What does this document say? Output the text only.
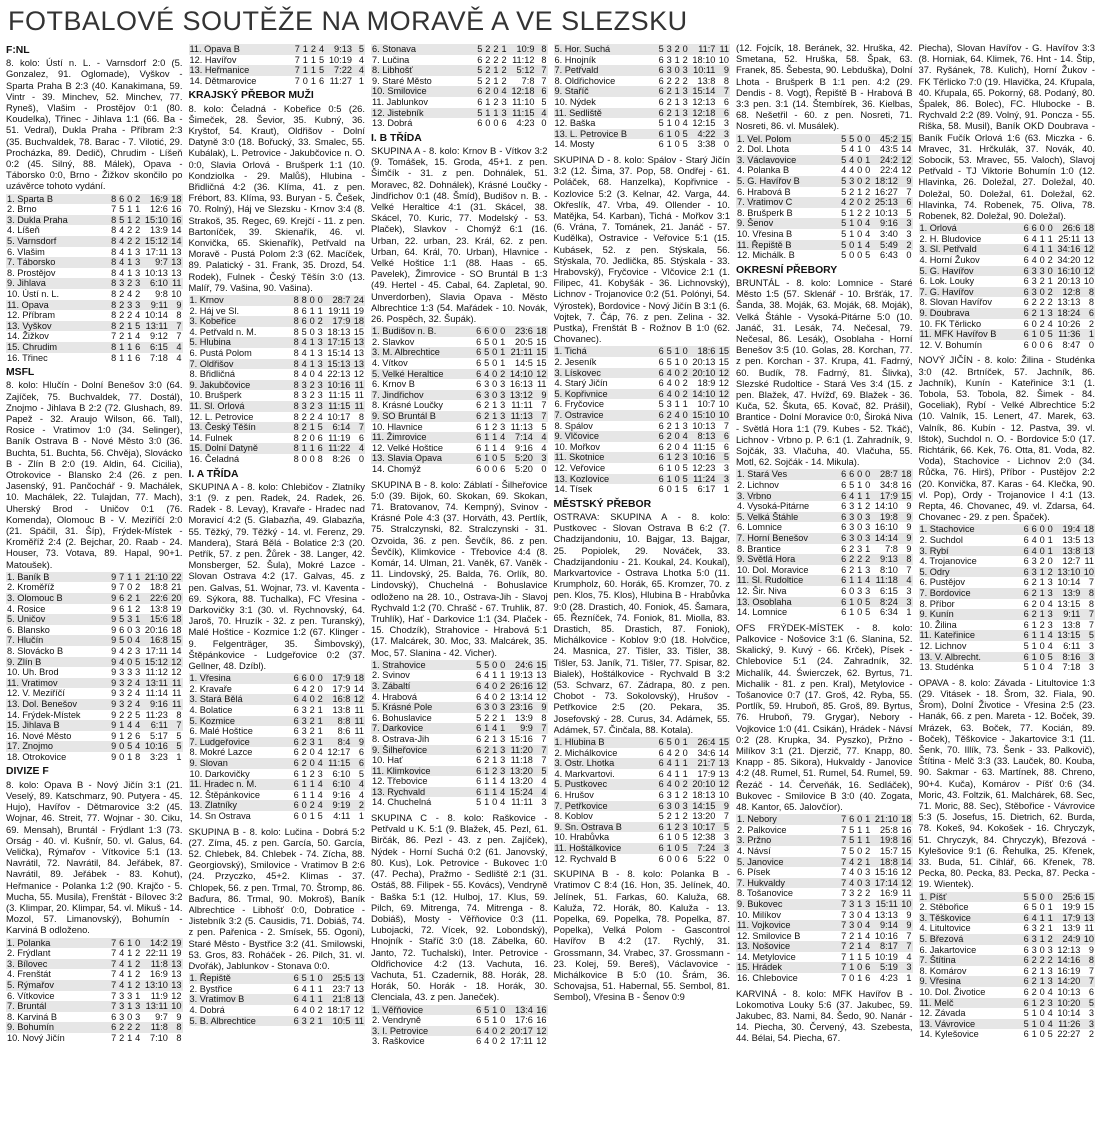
FOTBALOVÉ SOUTĚŽE NA MORAVĚ A VE SLEZSKU
F:NL

8. kolo: Ústí n. L. - Varnsdorf 2:0 (5. Gonzalez, 91. Oglomade), Vyškov - Sparta Praha B 2:3 (40. Kanakimana, 59. Vintr - 39. Minchev, 52. Minchev, 77. Ryneš), Vlašim - Prostějov 0:1 (80. Koudelka), Třinec - Jihlava 1:1 (66. Ba - 51. Vedral), Dukla Praha - Příbram 2:3 (35. Buchvaldek, 78. Barac - 7. Vilotić, 29. Procházka, 89. Dedič), Chrudim - Líšeň 0:2 (45. Silný, 88. Málek), Opava - Táborsko 0:0, Brno - Žižkov skončilo po uzávěrce tohoto vydání.

1. Sparta B	8	6	0	2	16:9	18
2. Brno	7	5	1	1	12:6	16
3. Dukla Praha	8	5	1	2	15:10	16
4. Líšeň	8	4	2	2	13:9	14
5. Varnsdorf	8	4	2	2	15:12	14
6. Vlašim	8	4	1	3	17:11	13
7. Táborsko	8	4	1	3	9:7	13
8. Prostějov	8	4	1	3	10:13	13
9. Jihlava	8	3	2	3	6:10	11
10. Ústí n. L.	8	2	4	2	9:8	10
11. Opava	8	2	3	3	9:11	9
12. Příbram	8	2	2	4	10:14	8
13. Vyškov	8	2	1	5	13:11	7
14. Žižkov	7	2	1	4	9:12	7
15. Chrudim	8	1	1	6	6:15	4
16. Třinec	8	1	1	6	7:18	4
MSFL

8. kolo: Hlučín - Dolní Benešov 3:0 (64. Zajíček, 75. Buchvaldek, 77. Dostál), Znojmo - Jihlava B 2:2 (72. Glushach, 89. Papež - 32. Araujo Wilson, 66. Tall), Rosice - Vratimov 1:0 (34. Selinger), Baník Ostrava B - Nové Město 3:0 (36. Buchta, 51. Buchta, 56. Chvěja), Slovácko B - Zlín B 2:0 (19. Aldin, 64. Cicilia), Otrokovice - Blansko 2:4 (26. z pen. Jasenský, 91. Pančochář - 9. Machálek, 10. Machálek, 22. Tulajdan, 77. Mach), Uherský Brod - Uničov 0:1 (76. Komenda), Olomouc B - V. Meziříčí 2:0 (21. Spáčil, 31. Šíp), Frýdek-Místek - Kroměříž 2:4 (2. Bejchar, 20. Raab - 24. Houser, 73. Votava, 89. Hapal, 90+1. Matoušek).

1. Baník B	9	7	1	1	21:10	22
2. Kroměříž	9	7	0	2	18:8	21
3. Olomouc B	9	6	2	1	22:6	20
4. Rosice	9	6	1	2	13:8	19
5. Uničov	9	5	3	1	15:6	18
6. Blansko	9	6	0	3	20:16	18
7. Hlučín	9	5	0	4	16:8	15
8. Slovácko B	9	4	2	3	17:11	14
9. Zlín B	9	4	0	5	15:12	12
10. Uh. Brod	9	3	3	3	11:12	12
11. Vratimov	9	3	2	4	13:11	11
12. V. Meziříčí	9	3	2	4	11:14	11
13. Dol. Benešov	9	3	2	4	9:16	11
14. Frýdek-Místek	9	2	2	5	11:23	8
15. Jihlava B	9	1	4	4	6:11	7
16. Nové Město	9	1	2	6	5:17	5
17. Znojmo	9	0	5	4	10:16	5
18. Otrokovice	9	0	1	8	3:23	1
DIVIZE F

8. kolo: Opava B - Nový Jičín 3:1 (21. Veselý, 89. Katschmarz, 90. Putyera - 45. Hujo), Havířov - Dětmarovice 3:2 (45. Wojnar, 46. Streit, 77. Wojnar - 30. Ciku, 69. Mensah), Bruntál - Frýdlant 1:3 (73. Orság - 40. vl. Kušnír, 50. vl. Galus, 64. Velička), Rýmařov - Vítkovice 5:1 (13. Navrátil, 72. Navrátil, 84. Jeřábek, 87. Navrátil, 89. Jeřábek - 83. Kohut), Heřmanice - Polanka 1:2 (90. Krajčo - 5. Mucha, 55. Musila), Frenštát - Bílovec 3:2 (3. Klimpar, 20. Klimpar, 54. vl. Mikuš - 14. Mozol, 57. Limanovský), Bohumín - Karviná B odloženo.

1. Polanka	7	6	1	0	14:2	19
2. Frýdlant	7	4	1	2	22:11	19
3. Bílovec	7	4	1	2	11:8	13
4. Frenštát	7	4	1	2	16:9	13
5. Rýmařov	7	4	1	2	13:10	13
6. Vítkovice	7	3	3	1	11:9	12
7. Bruntál	7	3	1	3	13:11	10
8. Karviná B	6	3	0	3	9:7	9
9. Bohumín	6	2	2	2	11:8	8
10. Nový Jičín	7	2	1	4	7:10	8
11. Opava B	7	1	2	4	9:13	5
12. Havířov	7	1	1	5	10:19	4
13. Heřmanice	7	1	1	5	7:22	4
14. Dětmarovice	7	0	1	6	11:27	1
KRAJSKÝ PŘEBOR MUŽI

8. kolo: Čeladná - Kobeřice 0:5 (26. Šimeček, 28. Ševior, 35. Kubný, 36. Kryštof, 54. Kraut), Oldřišov - Dolní Datyně 3:0 (18. Bořucký, 33. Smalec, 55. Kubálak), L. Petrovice - Jakubčovice n. O. 0:0, Slavia Orlová - Brušperk 1:1 (10. Kondziolka - 29. Malůš), Hlubina - Břidličná 4:2 (36. Klíma, 41. z pen. Frébort, 83. Klíma, 93. Buryan - 5. Češek, 70. Rolný), Háj ve Slezsku - Krnov 3:4 (8. Strakoš, 35. Regec, 69. Krejčí - 11. z pen. Bartoníček, 39. Skienařík, 46. vl. Konvička, 65. Skienařík), Petřvald na Moravě - Pustá Polom 2:3 (62. Macíček, 89. Palatický - 31. Frank, 35. Drozd, 54. Rodek), Fulnek - Český Těšín 3:0 (13. Malíř, 79. Vašina, 90. Vašina).

1. Krnov	8	8	0	0	28:7	24
2. Háj ve Sl.	8	6	1	1	19:11	19
3. Kobeřice	8	6	0	2	17:9	18
4. Petřvald n. M.	8	5	0	3	18:13	15
5. Hlubina	8	4	1	3	17:15	13
6. Pustá Polom	8	4	1	3	15:14	13
7. Oldřišov	8	4	1	3	15:13	13
8. Břidličná	8	4	0	4	22:13	12
9. Jakubčovice	8	3	2	3	10:16	11
10. Brušperk	8	3	2	3	11:15	11
11. Sl. Orlová	8	3	2	3	11:15	11
12. L. Petrovice	8	2	2	4	10:17	8
13. Český Těšín	8	2	1	5	6:14	7
14. Fulnek	8	2	0	6	11:19	6
15. Dolní Datyně	8	1	1	6	11:22	4
16. Čeladná	8	0	0	8	8:26	0
I. A TŘÍDA

SKUPINA A - 8. kolo: Chlebičov - Zlatníky 3:1 (9. z pen. Radek, 24. Radek, 26. Radek - 8. Levay), Kravaře - Hradec nad Moravicí 4:2 (5. Glabazňa, 49. Glabazňa, 55. Těžký, 79. Těžký - 14. vl. Ferenz, 29. Mandera), Stará Bělá - Bolatice 2:3 (20. Petřík, 57. z pen. Žůrek - 38. Langer, 42. Monsberger, 52. Šula), Mokré Lazce - Slovan Ostrava 4:2 (17. Galvas, 45. z pen. Galvas, 51. Wojnar, 73. vl. Kaventa - 69. Sýkora, 88. Tuchalka), FC Vřesina - Darkovičky 3:1 (30. vl. Rychnovský, 64. Jaroš, 70. Hruzík - 32. z pen. Turanský), Malé Hoštice - Kozmice 1:2 (67. Klinger - 9. Felgenträger, 35. Šimbovský), Štěpánkovice - Ludgeřovice 0:2 (37. Gellner, 48. Dzíbl).

1. Vřesina	6	6	0	0	17:9	18
2. Kravaře	6	4	2	0	17:9	14
3. Stará Bělá	6	4	0	2	16:8	12
4. Bolatice	6	3	2	1	13:8	11
5. Kozmice	6	3	2	1	8:8	11
6. Malé Hoštice	6	3	2	1	8:6	11
7. Ludgeřovice	6	2	3	1	8:4	9
8. Mokré Lazce	6	2	0	4	12:17	6
9. Slovan	6	2	0	4	11:15	6
10. Darkovičky	6	1	2	3	6:10	5
11. Hradec n. M.	6	1	1	4	6:10	4
12. Štěpánkovice	6	1	1	4	9:16	4
13. Zlatníky	6	0	2	4	9:19	2
14. Sn Ostrava	6	0	1	5	4:11	1

SKUPINA B - 8. kolo: Lučina - Dobrá 5:2 (27. Zíma, 45. z pen. García, 50. García, 52. Chlebek, 84. Chlebek - 74. Zícha, 88. Georgiovský), Smilovice - Vratimov B 2:6 (24. Przyczko, 45+2. Klimas - 37. Chlopek, 56. z pen. Trmal, 70. Štromp, 86. Baďura, 86. Trmal, 90. Mokroš), Baník Albrechtice - Libhošť 0:0, Dobratice - Jistebník 3:2 (5. Causidis, 71. Dobiáš, 74. z pen. Pařenica - 2. Smísek, 55. Ogoni), Staré Město - Bystřice 3:2 (41. Smilowski, 53. Gros, 83. Roháček - 26. Pilch, 31. vl. Dvořák), Jablunkov - Stonava 0:0.

1. Řepiště	6	5	1	0	25:5	13
2. Bystřice	6	4	1	1	23:7	13
3. Vratimov B	6	4	1	1	21:8	13
4. Dobrá	6	4	0	2	18:17	12
5. B. Albrechtice	6	3	2	1	10:5	11
6. Stonava	5	2	2	1	10:9	8
7. Lučina	6	2	2	2	11:12	8
8. Libhošť	5	2	1	2	5:12	7
9. Staré Město	5	2	1	2	7:8	7
10. Smilovice	6	2	0	4	12:18	6
11. Jablunkov	6	1	2	3	11:10	5
12. Jistebník	5	1	1	3	11:15	4
13. Dobrá	6	0	0	6	4:23	0
I. B TŘÍDA

SKUPINA A - 8. kolo: Krnov B - Vítkov 3:2 (9. Tomášek, 15. Groda, 45+1. z pen. Šimčík - 31. z pen. Dohnálek, 51. Moravec, 82. Dohnálek), Krásné Loučky - Jindřichov 0:1 (48. Šmíd), Budišov n. B. - Velké Heraltice 4:1 (31. Skácel, 38. Skácel, 70. Kuric, 77. Modelský - 53. Plaček), Slavkov - Chomýž 6:1 (16. Urban, 22. urban, 23. Král, 62. z pen. Urban, 64. Král, 70. Urban), Hlavnice - Velké Hoštice 1:1 (88. Haas - 65. Pavelek), Žimrovice - SO Bruntál B 1:3 (49. Hertel - 45. Cabal, 64. Zapletal, 90. Unverdorben), Slavia Opava - Město Albrechtice 1:3 (54. Mařádek - 10. Novák, 26. Pospěch, 32. Šupák).

1. Budišov n. B.	6	6	0	0	23:6	18
2. Slavkov	6	5	0	1	20:5	15
3. M. Albrechtice	6	5	0	1	21:11	15
4. Vítkov	6	5	0	1	14:5	15
5. Velké Heraltice	6	4	0	2	14:10	12
6. Krnov B	6	3	0	3	16:13	11
7. Jindřichov	6	3	0	3	13:12	9
8. Krásné Loučky	6	2	1	3	11:11	7
9. SO Bruntál B	6	2	1	3	11:13	7
10. Hlavnice	6	1	2	3	11:13	5
11. Žimrovice	6	1	1	4	7:14	4
12. Velké Hoštice	6	1	1	4	9:16	4
13. Slavia Opava	6	1	0	5	5:20	3
14. Chomýž	6	0	0	6	5:20	0

SKUPINA B - 8. kolo: Záblatí - Šilheřovice 5:0 (39. Bijok, 60. Skokan, 69. Skokan, 71. Bratovanov, 74. Kempný), Svinov - Krásné Pole 4:3 (37. Horváth, 43. Pertlík, 75. Stralczynski, 82. Stralczynski - 31. Ozvoida, 36. z pen. Ševčík, 86. z pen. Ševčík), Klimkovice - Třebovice 4:4 (8. Komár, 14. Ulman, 21. Vaněk, 67. Vaněk - 11. Lindovský, 25. Balda, 76. Orlík, 80. Lindovský), Chuchelná - Bohuslavice odloženo na 28. 10., Ostrava-Jih - Slavoj Rychvald 1:2 (70. Chrašč - 67. Truhlik, 87. Truhlík), Hať - Darkovice 1:1 (34. Plaček - 15. Chodzík), Strahovice - Hrabová 5:1 (17. Malcárek, 30. Moc, 33. Malcárek, 35. Moc, 57. Slanina - 42. Vicher).

1. Strahovice	5	5	0	0	24:6	15
2. Svinov	6	4	1	1	19:13	13
3. Zábaltí	6	4	0	2	26:16	12
4. Hrabová	6	4	0	2	13:14	12
5. Krásné Pole	6	3	0	3	23:16	9
6. Bohuslavice	5	2	2	1	13:9	8
7. Darkovice	6	1	4	1	9:9	7
8. Ostrava-Jih	6	2	1	3	15:16	7
9. Šilheřovice	6	2	1	3	11:20	7
10. Hať	6	2	1	3	11:18	7
11. Klimkovice	6	1	2	3	13:20	5
12. Třebovice	6	1	1	4	13:20	4
13. Rychvald	6	1	1	4	15:24	4
14. Chuchelná	5	1	0	4	11:11	3

SKUPINA C - 8. kolo: Raškovice - Petřvald u K. 5:1 (9. Blažek, 45. Pezl, 61. Birčák, 86. Pezl - 43. z pen. Zajíček), Nýdek - Horní Suchá 0:2 (61. Janovský, 80. Kus), Lok. Petrovice - Bukovec 1:0 (47. Pecha), Pražmo - Sedliště 2:1 (31. Ostáš, 88. Filipek - 55. Kovács), Vendryně - Baška 5:1 (12. Hulboj, 17. Klus, 59. Pilch, 69. Mitrenga, 74. Mitrenga - 8. Dobiáš), Mosty - Věřňovice 0:3 (11. Lubojacki, 72. Vícek, 92. Lobondský), Hnojník - Staříč 3:0 (18. Zábelka, 60. Janto, 72. Tuchalski), Inter. Petrovice - Oldřichovice 4:2 (13. Vachuta, 16. Vachuta, 51. Czadernik, 88. Horák, 28. Horák, 50. Horák - 18. Horák, 30. Clenciala, 43. z pen. Janeček).

1. Věřňovice	6	5	1	0	13:4	16
2. Vendryně	6	5	1	0	17:6	16
3. I. Petrovice	6	4	0	2	20:17	12
3. Raškovice	6	4	0	2	17:11	12
5. Hor. Suchá	5	3	2	0	11:7	11
6. Hnojník	6	3	1	2	18:10	10
7. Petřvald	6	3	0	3	10:11	9
8. Oldřichovice	6	2	2	2	13:8	8
9. Staříč	6	2	1	3	15:14	7
10. Nýdek	6	2	1	3	12:13	6
11. Sedliště	6	2	1	3	12:18	6
12. Baška	5	1	0	4	12:15	3
13. L. Petrovice B	6	1	0	5	4:22	3
14. Mosty	6	1	0	5	3:38	0

SKUPINA D - 8. kolo: Spálov - Starý Jičín 3:2 (12. Šima, 37. Pop, 58. Ondřej - 61. Poláček, 68. Hanzelka), Kopřivnice - Kozlovice 5:2 (3. Kelnar, 42. Varga, 44. Okřeslík, 47. Vrba, 49. Ollender - 10. Matějka, 54. Karban), Tichá - Mořkov 3:1 (6. Vrána, 7. Tománek, 21. Janáč - 57. Kudělka), Ostravice - Veřovice 5:1 (15. Kubásek, 52. z pen. Stýskala, 56. Stýskala, 70. Jedlička, 85. Stýskala - 33. Hrabovský), Fryčovice - Vlčovice 2:1 (1. Filipec, 41. Kobyšák - 36. Lichnovský), Lichnov - Trojanovice 0:2 (51. Polónyi, 54. Výrostek), Bordovice - Nový Jičín B 3:1 (6. Vojtek, 7. Čáp, 76. z pen. Zelina - 32. Pustka), Frenštát B - Rožnov B 1:0 (62. Chovanec).

1. Tichá	6	5	1	0	18:6	15
2. Jeseník	6	5	1	0	20:13	15
3. Lískovec	6	4	0	2	20:10	12
4. Starý Jičín	6	4	0	2	18:9	12
5. Kopřivnice	6	4	0	2	14:10	12
6. Fryčovice	5	3	1	1	10:7	10
7. Ostravice	6	2	4	0	15:10	10
8. Spálov	6	2	1	3	10:13	7
9. Vlčovice	6	2	0	4	8:13	6
10. Mořkov	6	2	0	4	11:15	6
11. Skotnice	6	1	2	3	10:16	5
12. Veřovice	6	1	0	5	12:23	3
13. Kozlovice	6	1	0	5	11:24	3
14. Tísek	6	0	1	5	6:17	1
MĚSTSKÝ PŘEBOR

OSTRAVA: SKUPINA A - 8. kolo: Pustkovec - Slovan Ostrava B 6:2 (7. Chadzijandoniu, 10. Bajgar, 13. Bajgar, 25. Popiolek, 29. Nováček, 33. Chadzijandoniu - 21. Koukal, 24. Koukal), Markvartovice - Ostrava Lhotka 5:0 (11. Krumpholz, 60. Horák, 65. Kromzer, 70. z pen. Klos, 75. Klos), Hlubina B - Hrabůvka 9:0 (28. Drastich, 40. Foniok, 45. Šamara, 65. Řezníček, 74. Foniok, 81. Miolla, 83. Drastich, 85. Drastich, 87. Foniok), Michálkovice - Koblov 9:0 (18. Holvčice, 24. Masnica, 27. Tišler, 33. Tišler, 38. Tišler, 53. Janík, 71. Tišler, 77. Spisar, 82. Bialek), Hoštálkovice - Rychvald B 3:2 (53. Schvarz, 67. Zádrapa, 80. z pen. Chobot - 73. Sokolovský), Hrušov - Petřkovice 2:5 (20. Pekara, 35. Josefovský - 28. Curus, 34. Adámek, 55. Adámek, 57. Činčala, 88. Kotala).

1. Hlubina B	6	5	0	1	26:4	15
2. Michálkovice	6	4	2	0	34:6	14
3. Ostr. Lhotka	6	4	1	1	21:7	13
4. Markvartovi.	6	4	1	1	17:9	13
5. Pustkovec	6	4	0	2	20:10	12
6. Hrušov	6	3	1	2	18:13	10
7. Petřkovice	6	3	0	3	14:15	9
8. Koblov	5	2	1	2	13:20	7
9. Sn. Ostrava B	6	1	2	3	10:17	5
10. Hrabůvka	6	1	0	5	12:38	3
11. Hoštálkovice	6	1	0	5	7:24	3
12. Rychvald B	6	0	0	6	5:22	0

SKUPINA B - 8. kolo: Polanka B - Vratimov C 8:4 (16. Hon, 35. Jelínek, 40. Jelínek, 51. Farkas, 60. Kaluža, 68. Kaluža, 72. Horák, 80. Kaluža - 13. Popelka, 69. Popelka, 78. Popelka, 87. Popelka), Velká Polom - Gascontrol Havířov B 4:2 (17. Rychlý, 31. Grossmann, 34. Vrabec, 37. Grossmann - 23. Kolej, 59. Bereš), Václavovice - Michálkovice B 5:0 (10. Šrám, 36. Schovajsa, 51. Habernal, 55. Sembol, 81. Sembol), Vřesina B - Šenov 0:9

(12. Fojcík, 18. Beránek, 32. Hruška, 42. Smetana, 52. Hruška, 58. Špak, 63. Franek, 85. Šebesta, 90. Lebduška), Dolní Lhota - Brušperk B 1:1 pen. 4:2 (29. Dendis - 8. Vogt), Řepiště B - Hrabová B 3:3 pen. 3:1 (14. Štembírek, 36. Kielbas, 68. Nešetřil - 60. z pen. Nosreti, 71. Nosreti, 86. vl. Musálek).

1. Vel. Polom	5	5	0	0	45:2	15
2. Dol. Lhota	5	4	1	0	43:5	14
3. Václavovice	5	4	0	1	24:2	12
4. Polanka B	4	4	0	0	22:4	12
5. G. Havířov B	5	3	0	2	18:12	9
6. Hrabová B	5	2	1	2	16:27	7
7. Vratimov C	4	2	0	2	25:13	6
8. Brušperk B	5	1	2	2	10:13	5
9. Šenov	5	1	0	4	9:16	3
10. Vřesina B	5	1	0	4	3:40	3
11. Řepiště B	5	0	1	4	5:49	2
12. Michálk. B	5	0	0	5	6:43	0
OKRESNÍ PŘEBORY

BRUNTÁL - 8. kolo: Lomnice - Staré Město 1:5 (57. Sklenář - 10. Bršťák, 17. Šanda, 38. Moják, 63. Moják, 68. Moják), Velká Štáhle - Vysoká-Pitárne 5:0 (10. Janáč, 31. Lesák, 74. Nečesal, 79. Nečesal, 86. Lesák), Osoblaha - Horní Benešov 3:5 (10. Golas, 28. Korchan, 77. z pen. Korchan - 37. Krupa, 41. Fadrný, 60. Budík, 78. Fadrný, 81. Šlivka), Slezské Rudoltice - Stará Ves 3:4 (15. z pen. Blažek, 47. Hvížď, 69. Blažek - 36. Kuča, 52. Škuta, 65. Kovač, 82. Prášil), Brantice - Dolní Moravice 0:0, Široká Niva - Světlá Hora 1:1 (79. Kubes - 52. Tkáč), Lichnov - Vrbno p. P. 6:1 (1. Zahradník, 9. Sojčák, 33. Vlačuha, 40. Vlačuha, 55. Motl, 62. Sojčák - 14. Mikula).

1. Stará Ves	6	6	0	0	28:7	18
2. Lichnov	6	5	1	0	34:8	16
3. Vrbno	6	4	1	1	17:9	15
4. Vysoká-Pitárne	6	3	1	2	14:10	9
5. Velká Štáhle	6	3	0	3	19:8	9
6. Lomnice	6	3	0	3	16:10	9
7. Horní Benešov	6	3	0	3	14:14	9
8. Brantice	6	2	3	1	7:8	9
9. Světlá Hora	6	2	2	2	9:13	8
10. Dol. Moravice	6	2	1	3	8:10	7
11. Sl. Rudoltice	6	1	1	4	11:18	4
12. Šir. Niva	6	0	3	3	6:15	3
13. Osoblaha	6	1	0	5	8:24	3
14. Lomnice	6	1	0	5	6:34	1

OFS FRÝDEK-MÍSTEK - 8. kolo: Palkovice - Nošovice 3:1 (6. Slanina, 52. Skalický, 9. Kuvý - 66. Krček), Písek - Chlebovice 5:1 (24. Zahradník, 32. Michalík, 44. Świerczek, 62. Byrtus, 71. Michalik - 81. z pen. Kral), Metylovice - Tošanovice 0:7 (17. Groš, 42. Ryba, 55. Portlík, 59. Hruboň, 85. Groš, 89. Byrtus, 76. Hruboň, 79. Grygar), Nebory - Vojkovice 1:0 (41. Csikán), Hrádek - Návsí 0:2 (28. Krupka, 34. Pyszko), Pržno - Milíkov 3:1 (21. Djerzič, 77. Knapp, 80. Knapp - 85. Sikora), Hukvaldy - Janovice 4:2 (48. Rumel, 51. Rumel, 54. Rumel, 59. Řezáč - 14. Červeňák, 16. Sedláček), Bukovec - Smilovice B 3:0 (40. Zogata, 48. Kantor, 65. Jalovčíor).

1. Nebory	7	6	0	1	21:10	18
2. Palkovice	7	5	1	1	25:8	16
3. Pržno	7	5	1	1	19:8	16
4. Návsí	7	5	0	2	15:7	15
5. Janovice	7	4	2	1	18:8	14
6. Písek	7	4	0	3	15:16	12
7. Hukvaldy	7	4	0	3	17:14	12
8. Tošanovice	7	3	2	2	16:9	11
9. Bukovec	7	3	1	3	15:11	10
10. Milíkov	7	3	0	4	13:13	9
11. Vojkovice	7	3	0	4	9:14	9
12. Smilovice B	7	2	1	4	10:16	7
13. Nošovice	7	2	1	4	8:17	7
14. Metylovice	7	1	1	5	10:19	4
15. Hrádek	7	1	0	6	5:19	3
16. Chlebovice	7	0	1	6	4:23	1

KARVINÁ - 8. kolo: MFK Havířov B - Lokomotiva Louky 5:6 (37. Jakubec, 59. Jakubec, 83. Nami, 84. Šedo, 90. Nanár - 14. Piecha, 30. Červený, 43. Szebesta, 44. Bélai, 54. Piecha, 67.

Piecha), Slovan Havířov - G. Havířov 3:3 (8. Horniak, 64. Klimek, 76. Hnt - 14. Štip, 37. Ryšánek, 78. Kulich), Horní Žukov - FK Těrlicko 7:0 (19. Hlavička, 24. Křupala, 40. Křupala, 65. Pokorný, 68. Podaný, 80. Špalek, 86. Bolec), FC. Hlubocke - B. Rychvald 2:2 (89. Volný, 91. Poncza - 55. Riška, 58. Musil), Baník OKD Doubrava - Baník Fučík Orlová 1:6 (63. Miczka - 6. Mravec, 31. Hrčkulák, 37. Novák, 40. Sobocik, 53. Mravec, 55. Valoch), Slavoj Petřvald - TJ Viktorie Bohumín 1:0 (12. Hlavinka, 26. Doležal, 27. Doležal, 40. Doležal, 50. Doležal, 61. Doležal, 62. Hlavinka, 74. Robenek, 75. Oliva, 78. Robenek, 82. Doležal, 90. Doležal).

1. Orlová	6	6	0	0	26:6	18
2. H. Bludovice	6	4	1	1	25:11	13
3. Sl. Petřvald	6	4	1	1	34:16	12
4. Horní Žukov	6	4	0	2	34:20	12
5. G. Havířov	6	3	3	0	16:10	12
6. Lok. Louky	6	3	2	1	20:13	10
7. G. Havířov	6	3	0	2	12:8	8
8. Slovan Havířov	6	2	2	2	13:13	8
9. Doubrava	6	2	1	3	18:24	6
10. FK Těrlicko	6	0	2	4	10:26	2
11. MFK Havířov B	6	1	0	5	11:36	1
12. V. Bohumín	6	0	0	6	8:47	0

NOVÝ JIČÍN - 8. kolo: Žilina - Studénka 3:0 (42. Brtníček, 57. Jachník, 86. Jachník), Kunín - Kateřinice 3:1 (1. Tobola, 53. Tobola, 82. Šimek - 84. Goceliak), Rybí - Velké Albrechtice 5:2 (10. Valník, 15. Lenert, 47. Marek, 63. Valník, 86. Kubín - 12. Pastva, 39. vl. Ištok), Suchdol n. O. - Bordovice 5:0 (17. Richtárik, 66. Kek, 76. Otta, 81. Voda, 82. Voda), Stachovice - Lichnov 2:0 (34. Růčka, 76. Hirš), Příbor - Pustějov 2:2 (20. Konvička, 87. Karas - 64. Klečka, 90. vl. Pop), Ordy - Trojanovice I 4:1 (13. Repta, 46. Chovanec, 49. vl. Zdarsa, 64. Chovanec - 29. z pen. Špaček).

1. Stachovice	6	6	0	0	19:4	18
2. Suchdol	6	4	0	1	13:5	13
3. Rybí	6	4	0	1	13:8	13
4. Trojanovice	6	3	2	0	12:7	11
5. Odry	6	3	1	2	13:10	10
6. Pustějov	6	2	1	3	10:14	7
7. Bordovice	6	2	1	3	13:9	8
8. Příbor	6	2	0	4	13:15	8
9. Kunín	6	2	1	3	9:11	7
10. Žilina	6	1	2	3	13:8	7
11. Kateřinice	6	1	1	4	13:15	5
12. Lichnov	5	1	0	4	6:11	3
13. V. Albrecht.	6	1	0	5	8:16	3
13. Studénka	5	1	0	4	7:18	3

OPAVA - 8. kolo: Závada - Litultovice 1:3 (29. Vitásek - 18. Šrom, 32. Fiala, 90. Šrom), Dolní Životice - Vřesina 2:5 (23. Hanák, 66. z pen. Mareta - 12. Boček, 39. Mrázek, 63. Boček, 77. Kocián, 89. Boček), Těškovice - Jakartovice 3:1 (11. Šenk, 70. Illík, 73. Šenk - 33. Palkovič), Štítina - Melč 3:3 (33. Lauček, 80. Kouba, 90. Sakmar - 63. Martínek, 88. Chreno, 90+4. Kuča), Komárov - Píšť 0:6 (34. Moric, 43. Foltzik, 61. Malchárek, 68. Sec, 71. Moric, 88. Sec), Stěbořice - Vávrovice 5:3 (5. Josefus, 15. Dietrich, 62. Burda, 78. Kokeš, 94. Kokošek - 16. Chryczyk, 51. Chryczyk, 84. Chryczyk), Březová - Kylešovice 9:1 (6. Řehulka, 25. Křenek, 33. Buda, 51. Cihlář, 66. Křenek, 78. Pecka, 80. Pecka, 83. Pecka, 87. Pecka - 19. Wientek).

1. Píšť	5	5	0	0	25:6	15
2. Stěbořice	6	5	0	1	19:9	15
3. Těškovice	6	4	1	1	17:9	13
4. Litultovice	6	3	2	1	13:9	11
5. Březová	6	3	1	2	24:9	10
6. Jakartovice	6	3	0	3	12:13	9
7. Štítina	6	2	2	2	14:16	8
8. Komárov	6	2	1	3	16:19	7
9. Vřesina	6	2	1	3	14:20	7
10. Dol. Životice	6	2	0	4	10:13	6
11. Melč	6	1	2	3	10:20	5
12. Závada	5	1	0	4	10:14	3
13. Vávrovice	5	1	0	4	11:26	3
14. Kylešovice	6	1	0	5	22:27	2
